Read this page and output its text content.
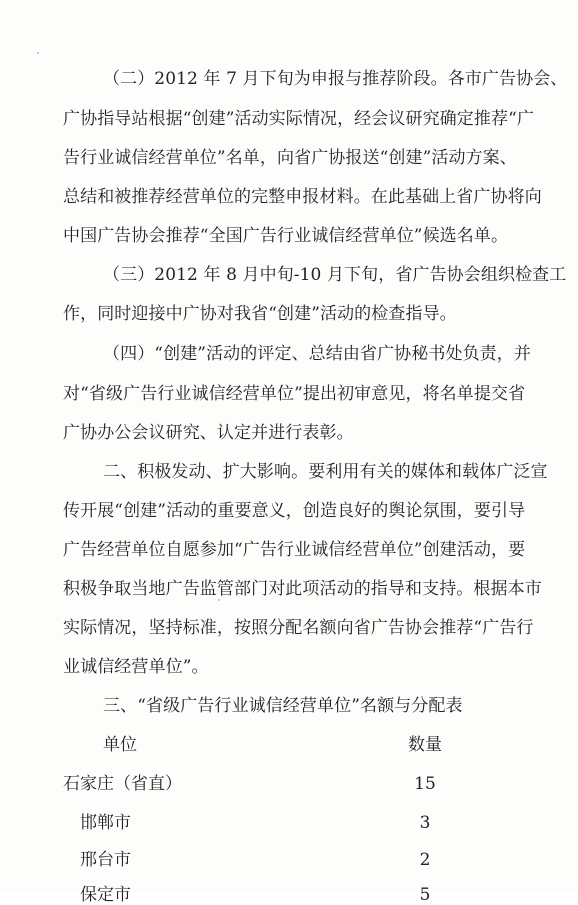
（二）2012 年 7 月下旬为申报与推荐阶段。各市广告协会、
广协指导站根据“创建”活动实际情况，经会议研究确定推荐“广
告行业诚信经营单位”名单，向省广协报送“创建”活动方案、
总结和被推荐经营单位的完整申报材料。在此基础上省广协将向
中国广告协会推荐“全国广告行业诚信经营单位”候选名单。
（三）2012 年 8 月中旬-10 月下旬，省广告协会组织检查工
作，同时迎接中广协对我省“创建”活动的检查指导。
（四）“创建”活动的评定、总结由省广协秘书处负责，并
对“省级广告行业诚信经营单位”提出初审意见，将名单提交省
广协办公会议研究、认定并进行表彰。
二、积极发动、扩大影响。要利用有关的媒体和载体广泛宣
传开展“创建”活动的重要意义，创造良好的舆论氛围，要引导
广告经营单位自愿参加“广告行业诚信经营单位”创建活动，要
积极争取当地广告监管部门对此项活动的指导和支持。根据本市
实际情况，坚持标准，按照分配名额向省广告协会推荐“广告行
业诚信经营单位”。
三、“省级广告行业诚信经营单位”名额与分配表
单位	数量
石家庄（省直）	15
邯郸市	3
邢台市	2
保定市	5
